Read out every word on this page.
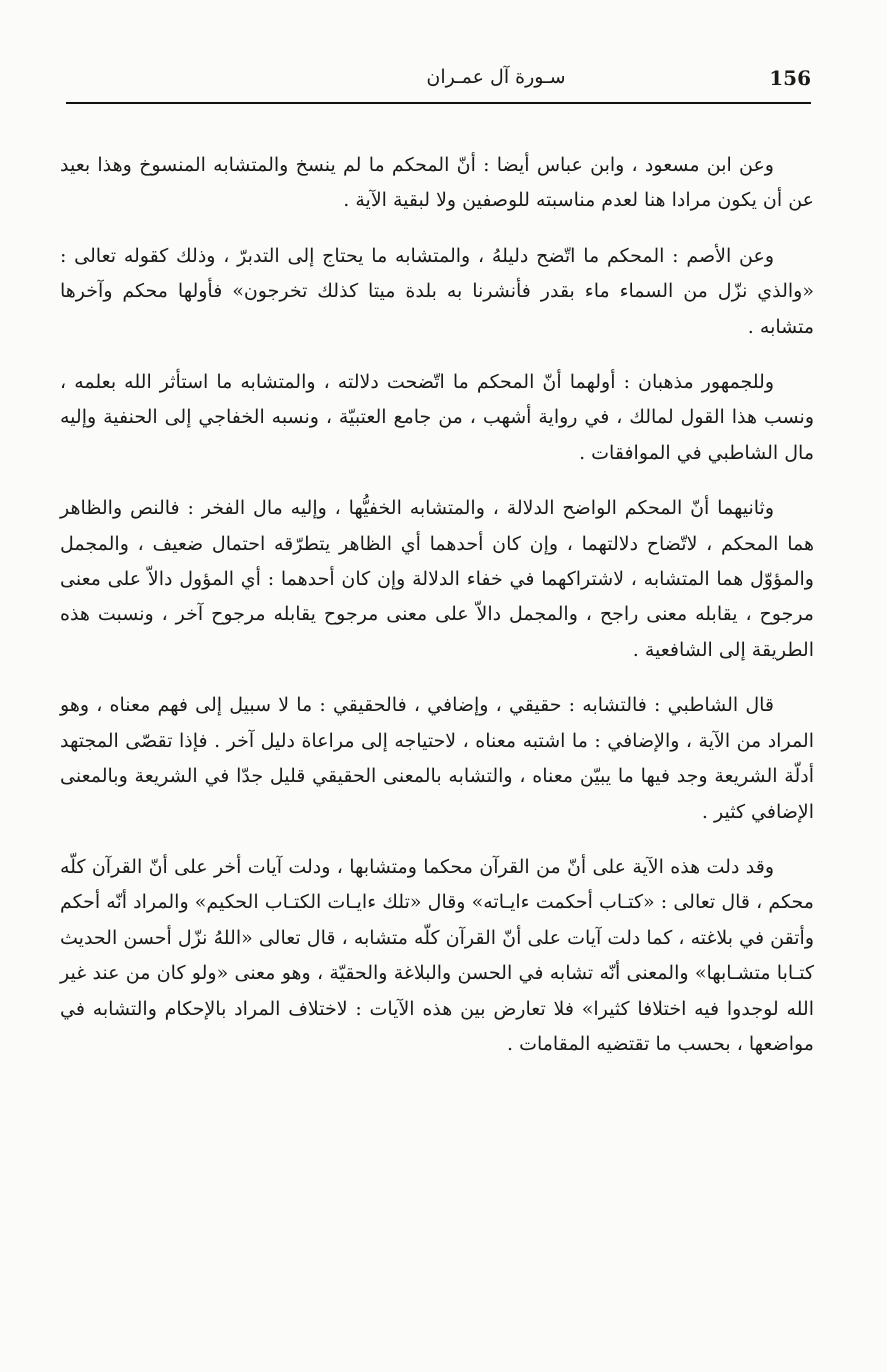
156
سـورة آل عمـران

وعن ابن مسعود ، وابن عباس أيضا : أنّ المحكم ما لم ينسخ والمتشابه المنسوخ وهذا بعيد عن أن يكون مرادا هنا لعدم مناسبته للوصفين ولا لبقية الآية .

وعن الأصم : المحكم ما اتّضح دليلهُ ، والمتشابه ما يحتاج إلى التدبرّ ، وذلك كقوله تعالى : «والذي نزّل من السماء ماء بقدر فأنشرنا به بلدة ميتا كذلك تخرجون» فأولها محكم وآخرها متشابه .

وللجمهور مذهبان : أولهما أنّ المحكم ما اتّضحت دلالته ، والمتشابه ما استأثر الله بعلمه ، ونسب هذا القول لمالك ، في رواية أشهب ، من جامع العتبيّة ، ونسبه الخفاجي إلى الحنفية وإليه مال الشاطبي في الموافقات .

وثانيهما أنّ المحكم الواضح الدلالة ، والمتشابه الخفيُّها ، وإليه مال الفخر : فالنص والظاهر هما المحكم ، لاتّضاح دلالتهما ، وإن كان أحدهما أي الظاهر يتطرّقه احتمال ضعيف ، والمجمل والمؤوّل هما المتشابه ، لاشتراكهما في خفاء الدلالة وإن كان أحدهما : أي المؤول دالاّ على معنى مرجوح ، يقابله معنى راجح ، والمجمل دالاّ على معنى مرجوح يقابله مرجوح آخر ، ونسبت هذه الطريقة إلى الشافعية .

قال الشاطبي : فالتشابه : حقيقي ، وإضافي ، فالحقيقي : ما لا سبيل إلى فهم معناه ، وهو المراد من الآية ، والإضافي : ما اشتبه معناه ، لاحتياجه إلى مراعاة دليل آخر . فإذا تقصّى المجتهد أدلّة الشريعة وجد فيها ما يبيّن معناه ، والتشابه بالمعنى الحقيقي قليل جدّا في الشريعة وبالمعنى الإضافي كثير .

وقد دلت هذه الآية على أنّ من القرآن محكما ومتشابها ، ودلت آيات أخر على أنّ القرآن كلّه محكم ، قال تعالى : «كتـاب أحكمت ءايـاته» وقال «تلك ءايـات الكتـاب الحكيم» والمراد أنّه أحكم وأتقن في بلاغته ، كما دلت آيات على أنّ القرآن كلّه متشابه ، قال تعالى «اللهُ نزّل أحسن الحديث كتـابا متشـابها» والمعنى أنّه تشابه في الحسن والبلاغة والحقيّة ، وهو معنى «ولو كان من عند غير الله لوجدوا فيه اختلافا كثيرا» فلا تعارض بين هذه الآيات : لاختلاف المراد بالإحكام والتشابه في مواضعها ، بحسب ما تقتضيه المقامات .
